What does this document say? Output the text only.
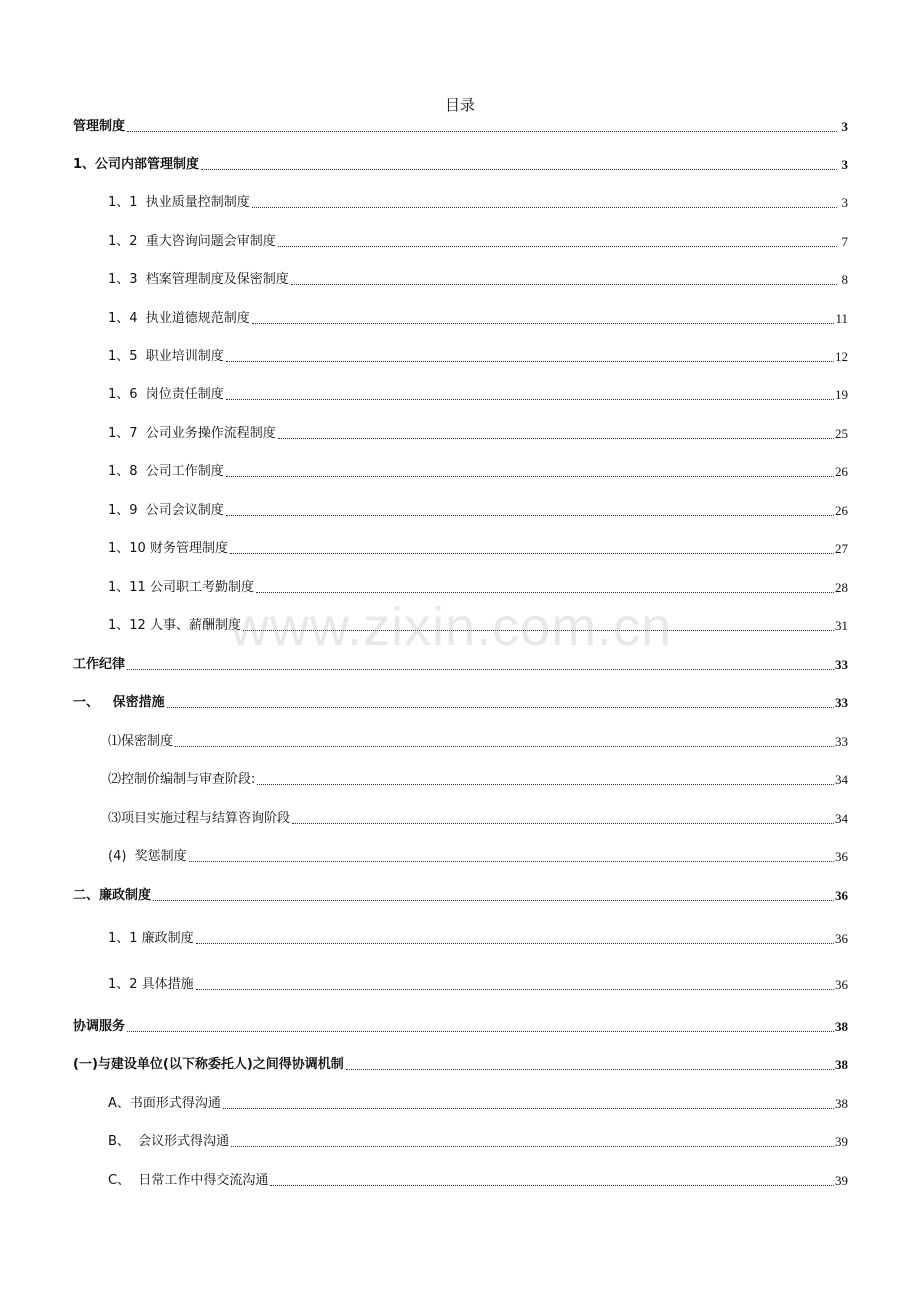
目录
管理制度	3
1、公司内部管理制度	3
1、1  执业质量控制制度	3
1、2  重大咨询问题会审制度	7
1、3  档案管理制度及保密制度	8
1、4  执业道德规范制度	11
1、5  职业培训制度	12
1、6  岗位责任制度	19
1、7  公司业务操作流程制度	25
1、8  公司工作制度	26
1、9  公司会议制度	26
1、10 财务管理制度	27
1、11 公司职工考勤制度	28
1、12 人事、薪酬制度	31
工作纪律	33
一、   保密措施	33
⑴保密制度	33
⑵控制价编制与审查阶段:	34
⑶项目实施过程与结算咨询阶段	34
(4)  奖惩制度	36
二、廉政制度	36
1、1 廉政制度	36
1、2 具体措施	36
协调服务	38
(一)与建设单位(以下称委托人)之间得协调机制	38
A、书面形式得沟通	38
B、  会议形式得沟通	39
C、  日常工作中得交流沟通	39
www.zixin.com.cn
